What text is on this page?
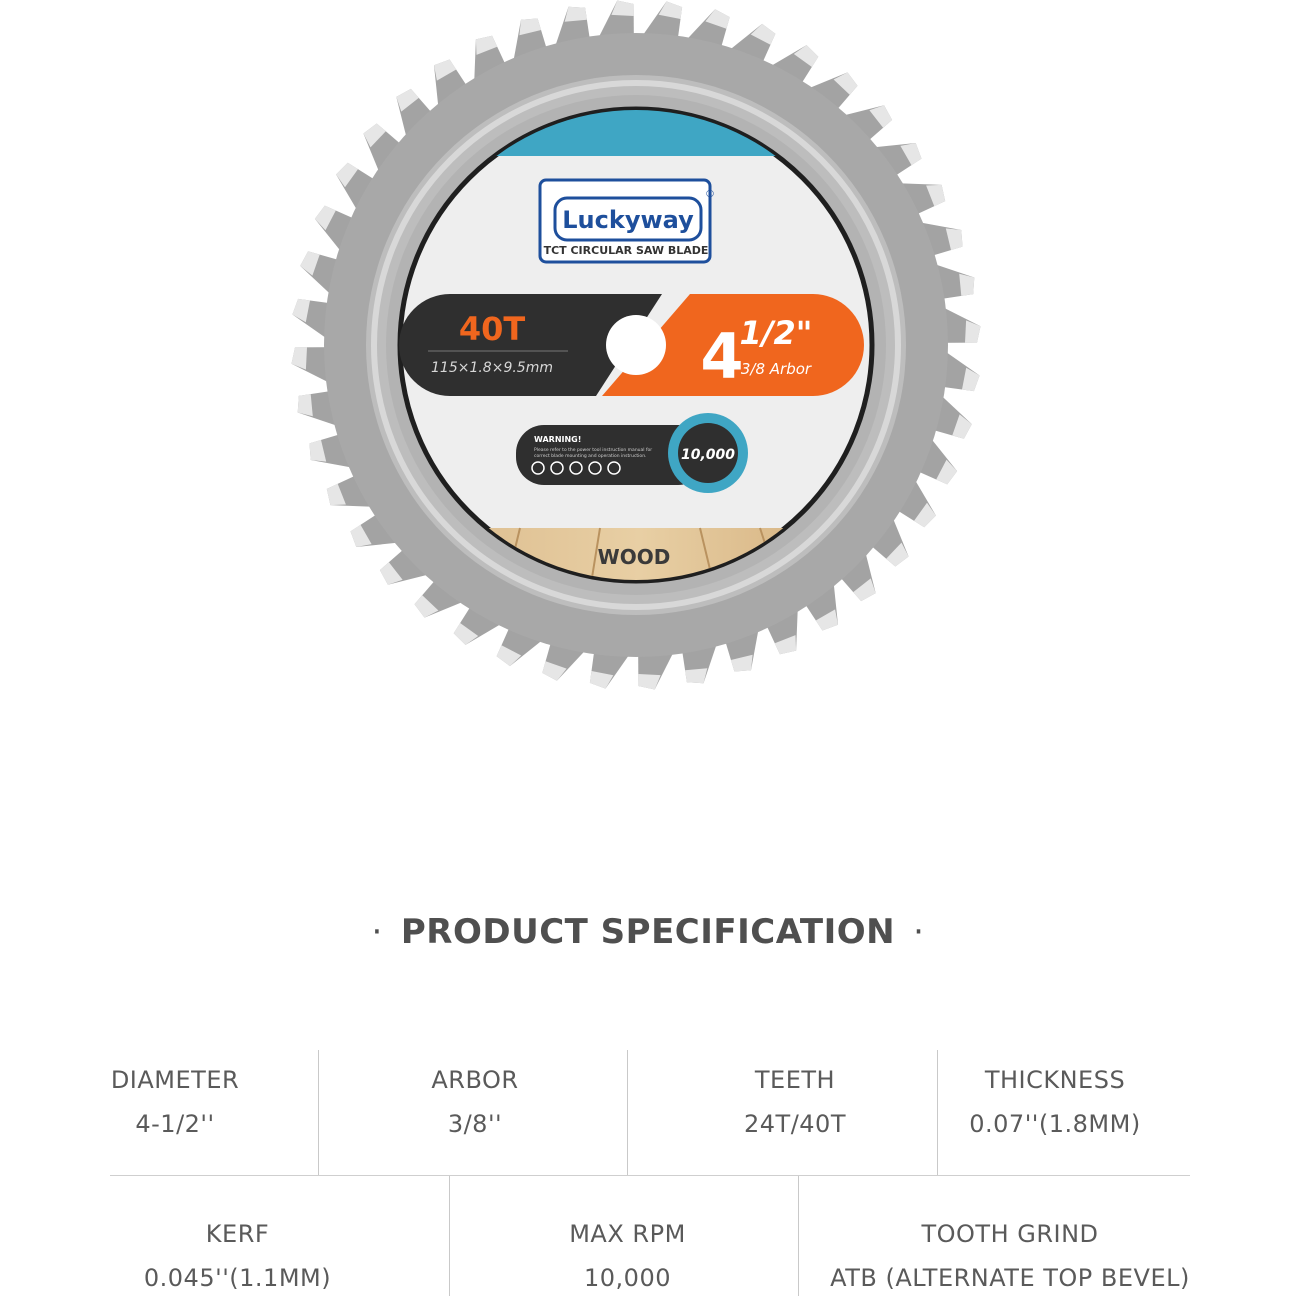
Luckyway
®
TCT CIRCULAR SAW BLADE
40T
115×1.8×9.5mm 4
1/2"
3/8 Arbor
WARNING!
Please refer to the power tool instruction manual for
correct blade mounting and operation instruction. 10,000
WOOD
· PRODUCT SPECIFICATION ·
DIAMETER
4-1/2''
ARBOR
3/8''
TEETH
24T/40T
THICKNESS
0.07''(1.8MM)
KERF
0.045''(1.1MM)
MAX RPM
10,000
TOOTH GRIND
ATB (ALTERNATE TOP BEVEL)
